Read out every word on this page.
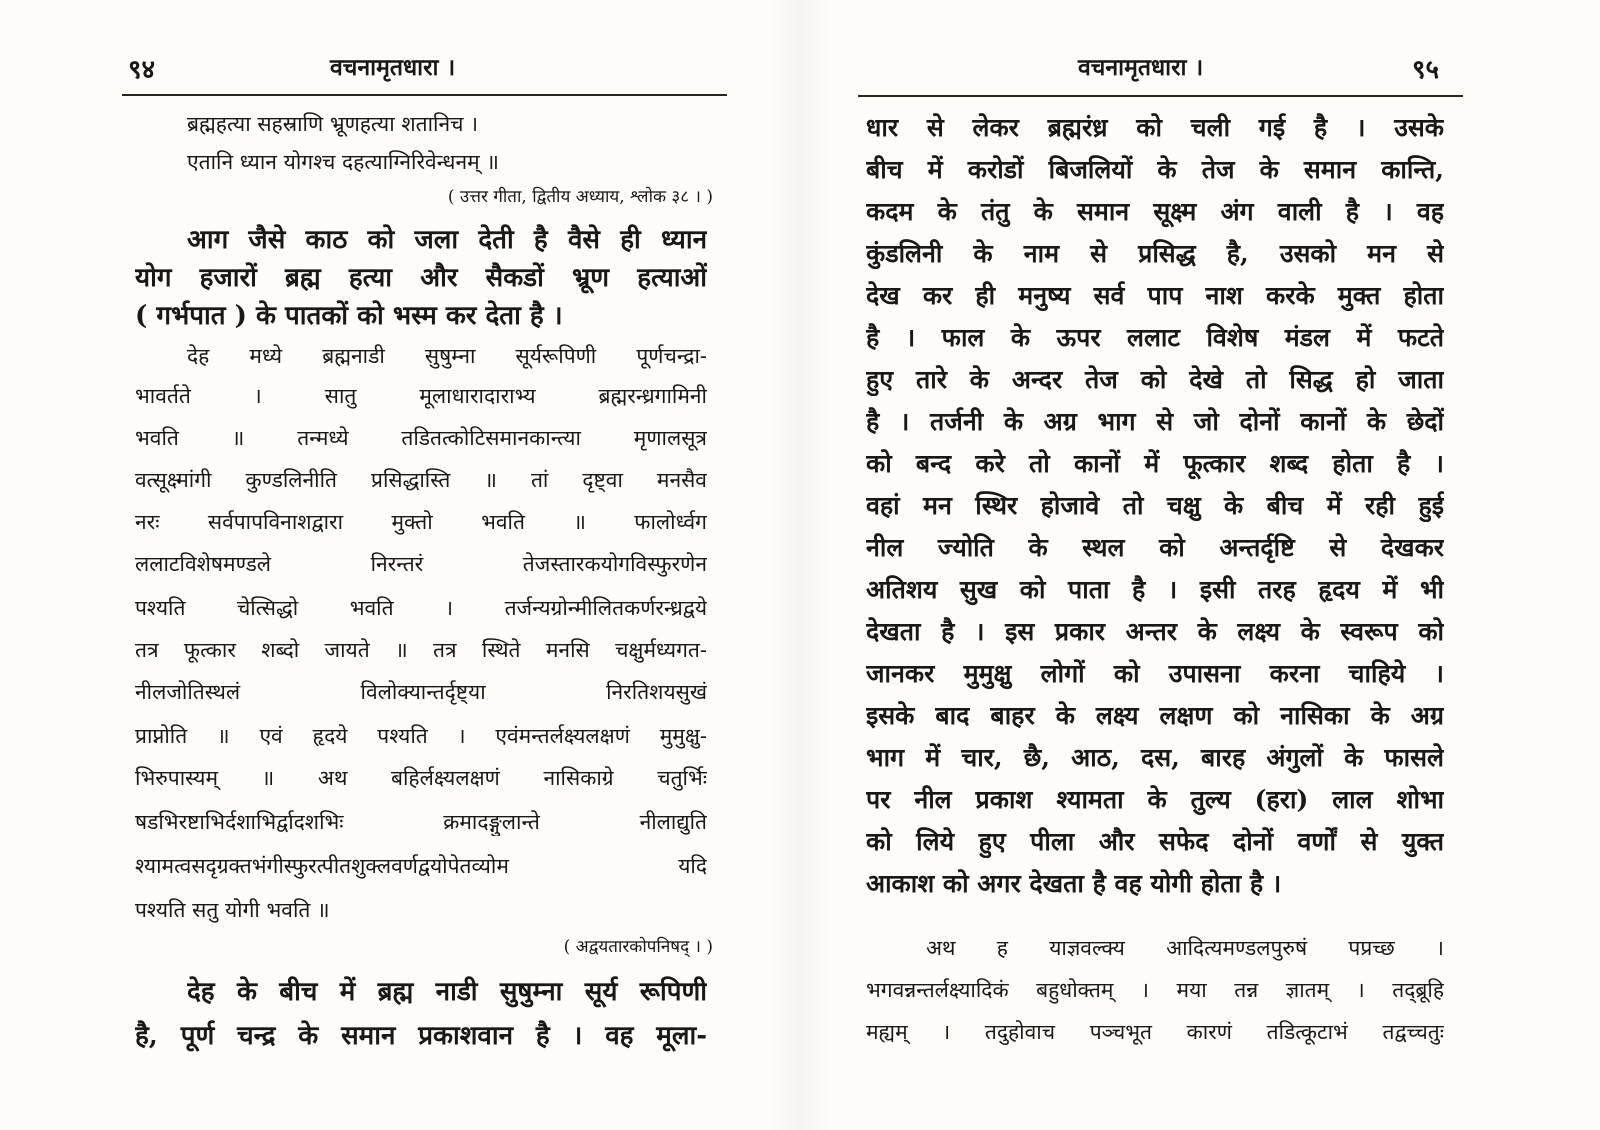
९४	वचनामृतधारा ।
ब्रह्महत्या सहस्राणि भ्रूणहत्या शतानिच ।
एतानि ध्यान योगश्च दहत्याग्निरिवेन्धनम् ॥
( उत्तर गीता, द्वितीय अध्याय, श्लोक ३८ । )
आग जैसे काठ को जला देती है वैसे ही ध्यान
योग हजारों ब्रह्म हत्या और सैकडों भ्रूण हत्याओं
( गर्भपात ) के पातकों को भस्म कर देता है ।
देह मध्ये ब्रह्मनाडी सुषुम्ना सूर्यरूपिणी पूर्णचन्द्रा-
भावर्तते । सातु मूलाधारादाराभ्य ब्रह्मरन्ध्रगामिनी
भवति ॥ तन्मध्ये तडितत्कोटिसमानकान्त्या मृणालसूत्र
वत्सूक्ष्मांगी कुण्डलिनीति प्रसिद्धास्ति ॥ तां दृष्ट्वा मनसैव
नरः सर्वपापविनाशद्वारा मुक्तो भवति ॥ फालोर्ध्वग
ललाटविशेषमण्डले निरन्तरं तेजस्तारकयोगविस्फुरणेन
पश्यति चेत्सिद्धो भवति । तर्जन्यग्रोन्मीलितकर्णरन्ध्रद्वये
तत्र फूत्कार शब्दो जायते ॥ तत्र स्थिते मनसि चक्षुर्मध्यगत-
नीलजोतिस्थलं विलोक्यान्तर्दृष्ट्या निरतिशयसुखं
प्राप्नोति ॥ एवं हृदये पश्यति । एवंमन्तर्लक्ष्यलक्षणं मुमुक्षु-
भिरुपास्यम् ॥ अथ बहिर्लक्ष्यलक्षणं नासिकाग्रे चतुर्भिः
षडभिरष्टाभिर्दशाभिर्द्वादशभिः क्रमादङ्गुलान्ते नीलाद्युति
श्यामत्वसदृग्रक्तभंगीस्फुरत्पीतशुक्लवर्णद्वयोपेतव्योम यदि
पश्यति सतु योगी भवति ॥
( अद्वयतारकोपनिषद् । )
देह के बीच में ब्रह्म नाडी सुषुम्ना सूर्य रूपिणी
है, पूर्ण चन्द्र के समान प्रकाशवान है । वह मूला-
वचनामृतधारा ।	९५
धार से लेकर ब्रह्मरंध्र को चली गई है । उसके
बीच में करोडों बिजलियों के तेज के समान कान्ति,
कदम के तंतु के समान सूक्ष्म अंग वाली है । वह
कुंडलिनी के नाम से प्रसिद्ध है, उसको मन से
देख कर ही मनुष्य सर्व पाप नाश करके मुक्त होता
है । फाल के ऊपर ललाट विशेष मंडल में फटते
हुए तारे के अन्दर तेज को देखे तो सिद्ध हो जाता
है । तर्जनी के अग्र भाग से जो दोनों कानों के छेदों
को बन्द करे तो कानों में फूत्कार शब्द होता है ।
वहां मन स्थिर होजावे तो चक्षु के बीच में रही हुई
नील ज्योति के स्थल को अन्तर्दृष्टि से देखकर
अतिशय सुख को पाता है । इसी तरह हृदय में भी
देखता है । इस प्रकार अन्तर के लक्ष्य के स्वरूप को
जानकर मुमुक्षु लोगों को उपासना करना चाहिये ।
इसके बाद बाहर के लक्ष्य लक्षण को नासिका के अग्र
भाग में चार, छै, आठ, दस, बारह अंगुलों के फासले
पर नील प्रकाश श्यामता के तुल्य (हरा) लाल शोभा
को लिये हुए पीला और सफेद दोनों वर्णों से युक्त
आकाश को अगर देखता है वह योगी होता है ।
अथ ह याज्ञवल्क्य आदित्यमण्डलपुरुषं पप्रच्छ ।
भगवन्नन्तर्लक्ष्यादिकं बहुधोक्तम् । मया तन्न ज्ञातम् । तद्ब्रूहि
मह्यम् । तदुहोवाच पञ्चभूत कारणं तडित्कूटाभं तद्वच्चतुः
